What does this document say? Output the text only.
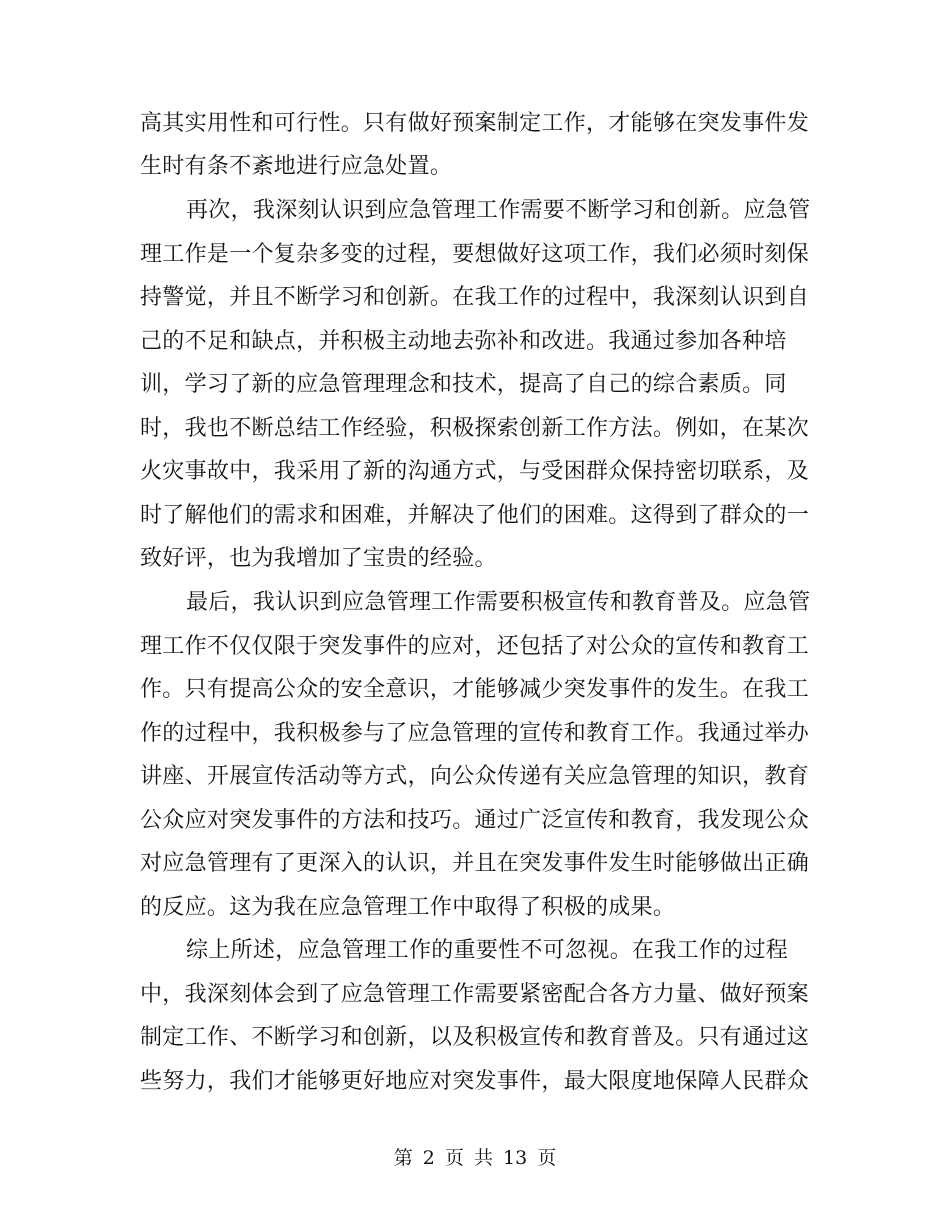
高其实用性和可行性。只有做好预案制定工作，才能够在突发事件发
生时有条不紊地进行应急处置。
再次，我深刻认识到应急管理工作需要不断学习和创新。应急管
理工作是一个复杂多变的过程，要想做好这项工作，我们必须时刻保
持警觉，并且不断学习和创新。在我工作的过程中，我深刻认识到自
己的不足和缺点，并积极主动地去弥补和改进。我通过参加各种培
训，学习了新的应急管理理念和技术，提高了自己的综合素质。同
时，我也不断总结工作经验，积极探索创新工作方法。例如，在某次
火灾事故中，我采用了新的沟通方式，与受困群众保持密切联系，及
时了解他们的需求和困难，并解决了他们的困难。这得到了群众的一
致好评，也为我增加了宝贵的经验。
最后，我认识到应急管理工作需要积极宣传和教育普及。应急管
理工作不仅仅限于突发事件的应对，还包括了对公众的宣传和教育工
作。只有提高公众的安全意识，才能够减少突发事件的发生。在我工
作的过程中，我积极参与了应急管理的宣传和教育工作。我通过举办
讲座、开展宣传活动等方式，向公众传递有关应急管理的知识，教育
公众应对突发事件的方法和技巧。通过广泛宣传和教育，我发现公众
对应急管理有了更深入的认识，并且在突发事件发生时能够做出正确
的反应。这为我在应急管理工作中取得了积极的成果。
综上所述，应急管理工作的重要性不可忽视。在我工作的过程
中，我深刻体会到了应急管理工作需要紧密配合各方力量、做好预案
制定工作、不断学习和创新，以及积极宣传和教育普及。只有通过这
些努力，我们才能够更好地应对突发事件，最大限度地保障人民群众
第 2 页 共 13 页
